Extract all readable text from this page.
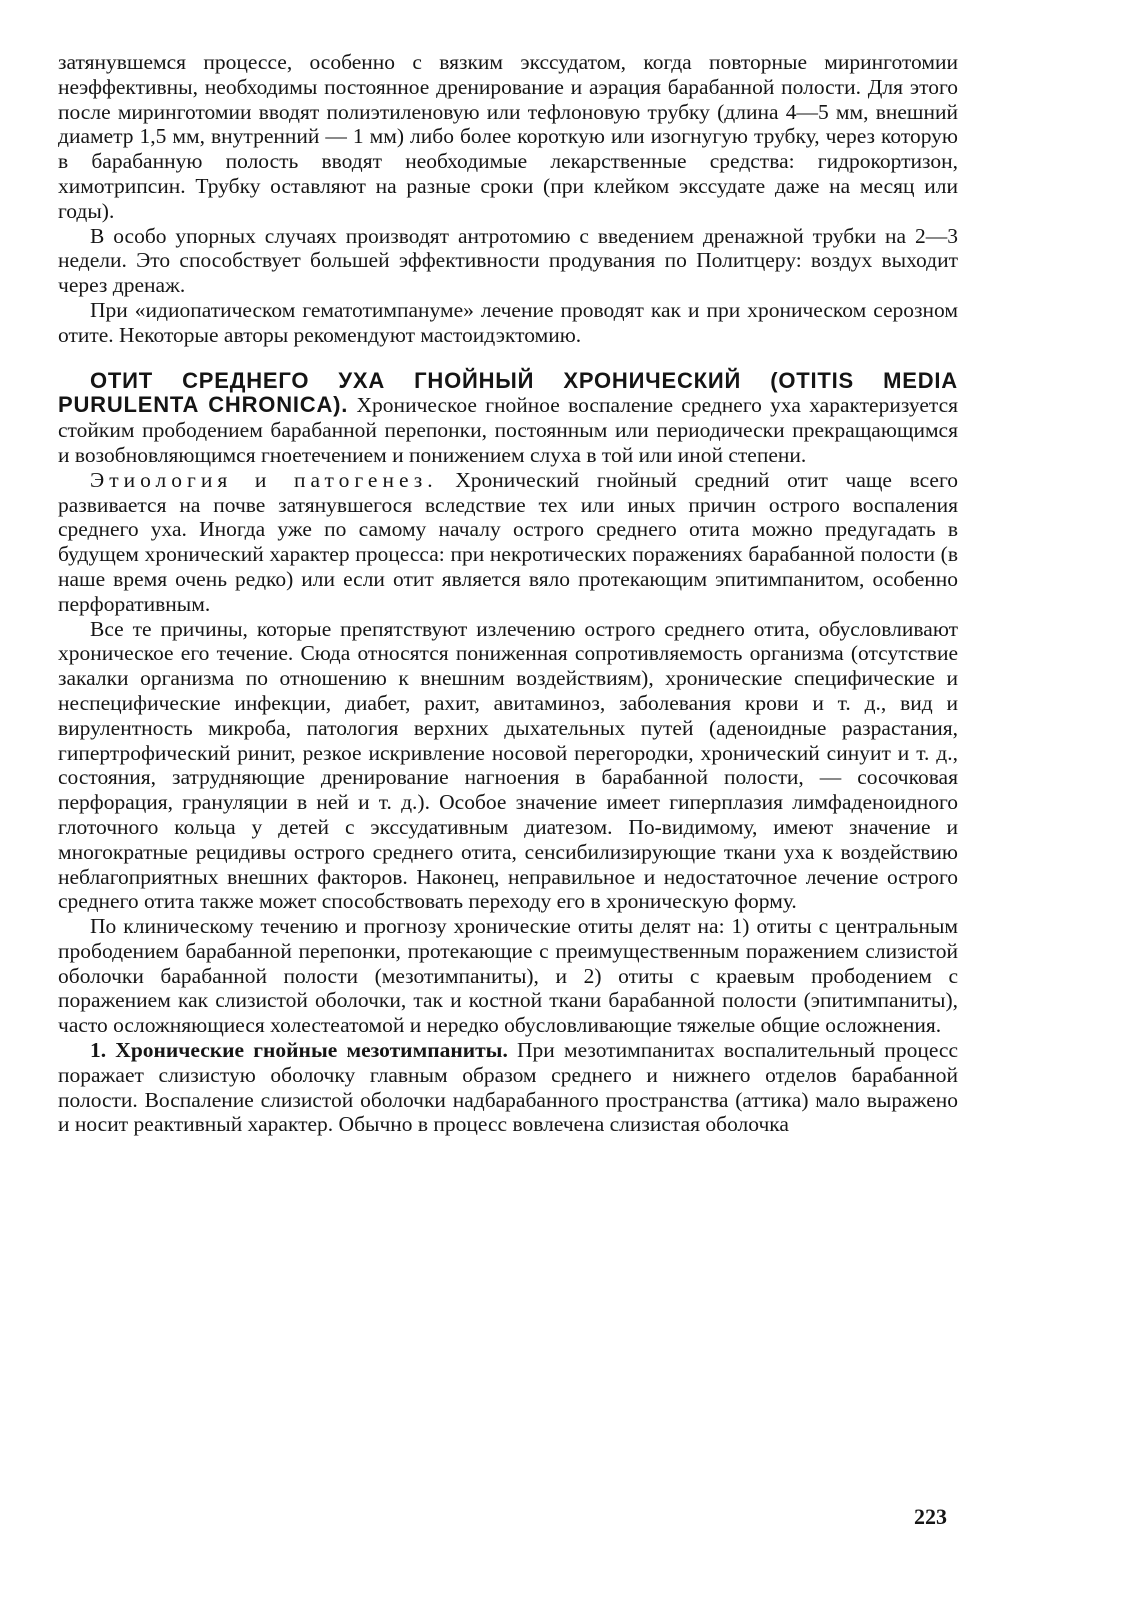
затянувшемся процессе, особенно с вязким экссудатом, когда повторные миринготомии неэффективны, необходимы постоянное дренирование и аэрация барабанной полости. Для этого после миринготомии вводят полиэтиленовую или тефлоновую трубку (длина 4—5 мм, внешний диаметр 1,5 мм, внутренний — 1 мм) либо более короткую или изогнугую трубку, через которую в барабанную полость вводят необходимые лекарственные средства: гидрокортизон, химотрипсин. Трубку оставляют на разные сроки (при клейком экссудате даже на месяц или годы).

В особо упорных случаях производят антротомию с введением дренажной трубки на 2—3 недели. Это способствует большей эффективности продувания по Политцеру: воздух выходит через дренаж.

При «идиопатическом гематотимпануме» лечение проводят как и при хроническом серозном отите. Некоторые авторы рекомендуют мастоидэктомию.

ОТИТ СРЕДНЕГО УХА ГНОЙНЫЙ ХРОНИЧЕСКИЙ (OTITIS MEDIA PURULENTA CHRONICA). Хроническое гнойное воспаление среднего уха характеризуется стойким прободением барабанной перепонки, постоянным или периодически прекращающимся и возобновляющимся гноетечением и понижением слуха в той или иной степени.

Этиология и патогенез. Хронический гнойный средний отит чаще всего развивается на почве затянувшегося вследствие тех или иных причин острого воспаления среднего уха. Иногда уже по самому началу острого среднего отита можно предугадать в будущем хронический характер процесса: при некротических поражениях барабанной полости (в наше время очень редко) или если отит является вяло протекающим эпитимпанитом, особенно перфоративным.

Все те причины, которые препятствуют излечению острого среднего отита, обусловливают хроническое его течение. Сюда относятся пониженная сопротивляемость организма (отсутствие закалки организма по отношению к внешним воздействиям), хронические специфические и неспецифические инфекции, диабет, рахит, авитаминоз, заболевания крови и т. д., вид и вирулентность микроба, патология верхних дыхательных путей (аденоидные разрастания, гипертрофический ринит, резкое искривление носовой перегородки, хронический синуит и т. д., состояния, затрудняющие дренирование нагноения в барабанной полости, — сосочковая перфорация, грануляции в ней и т. д.). Особое значение имеет гиперплазия лимфаденоидного глоточного кольца у детей с экссудативным диатезом. По-видимому, имеют значение и многократные рецидивы острого среднего отита, сенсибилизирующие ткани уха к воздействию неблагоприятных внешних факторов. Наконец, неправильное и недостаточное лечение острого среднего отита также может способствовать переходу его в хроническую форму.

По клиническому течению и прогнозу хронические отиты делят на: 1) отиты с центральным прободением барабанной перепонки, протекающие с преимущественным поражением слизистой оболочки барабанной полости (мезотимпаниты), и 2) отиты с краевым прободением с поражением как слизистой оболочки, так и костной ткани барабанной полости (эпитимпаниты), часто осложняющиеся холестеатомой и нередко обусловливающие тяжелые общие осложнения.

1. Хронические гнойные мезотимпаниты. При мезотимпанитах воспалительный процесс поражает слизистую оболочку главным образом среднего и нижнего отделов барабанной полости. Воспаление слизистой оболочки надбарабанного пространства (аттика) мало выражено и носит реактивный характер. Обычно в процесс вовлечена слизистая оболочка

223
